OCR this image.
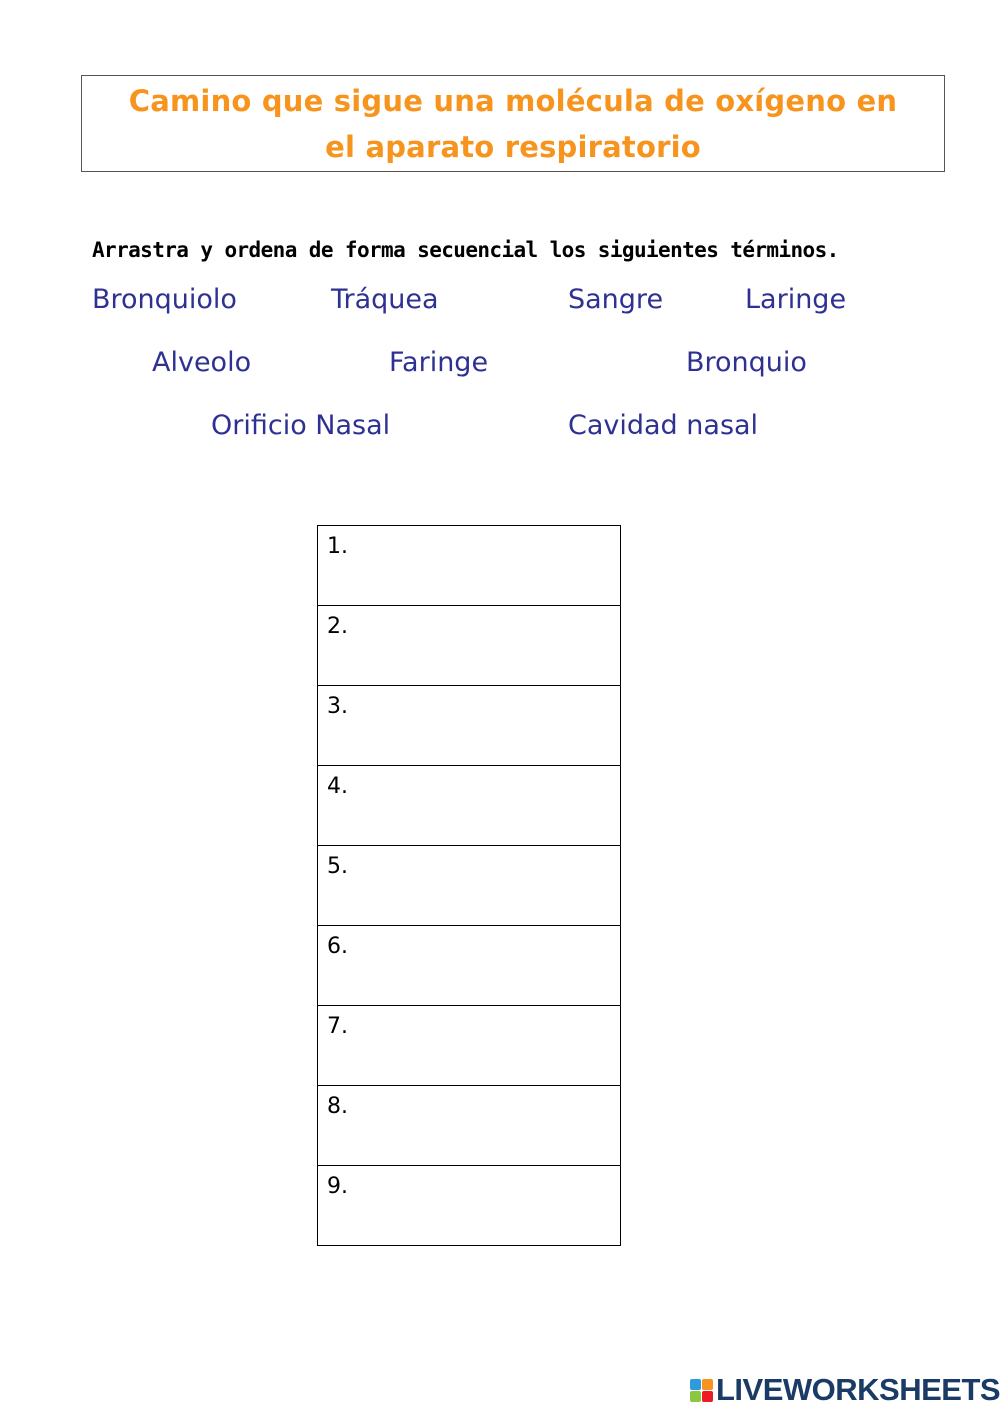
Camino que sigue una molécula de oxígeno en
el aparato respiratorio
Arrastra y ordena de forma secuencial los siguientes términos.
Bronquiolo	Tráquea	Sangre	Laringe
Alveolo	Faringe	Bronquio
Orificio Nasal	Cavidad nasal
1.
2.
3.
4.
5.
6.
7.
8.
9.
LIVEWORKSHEETS
